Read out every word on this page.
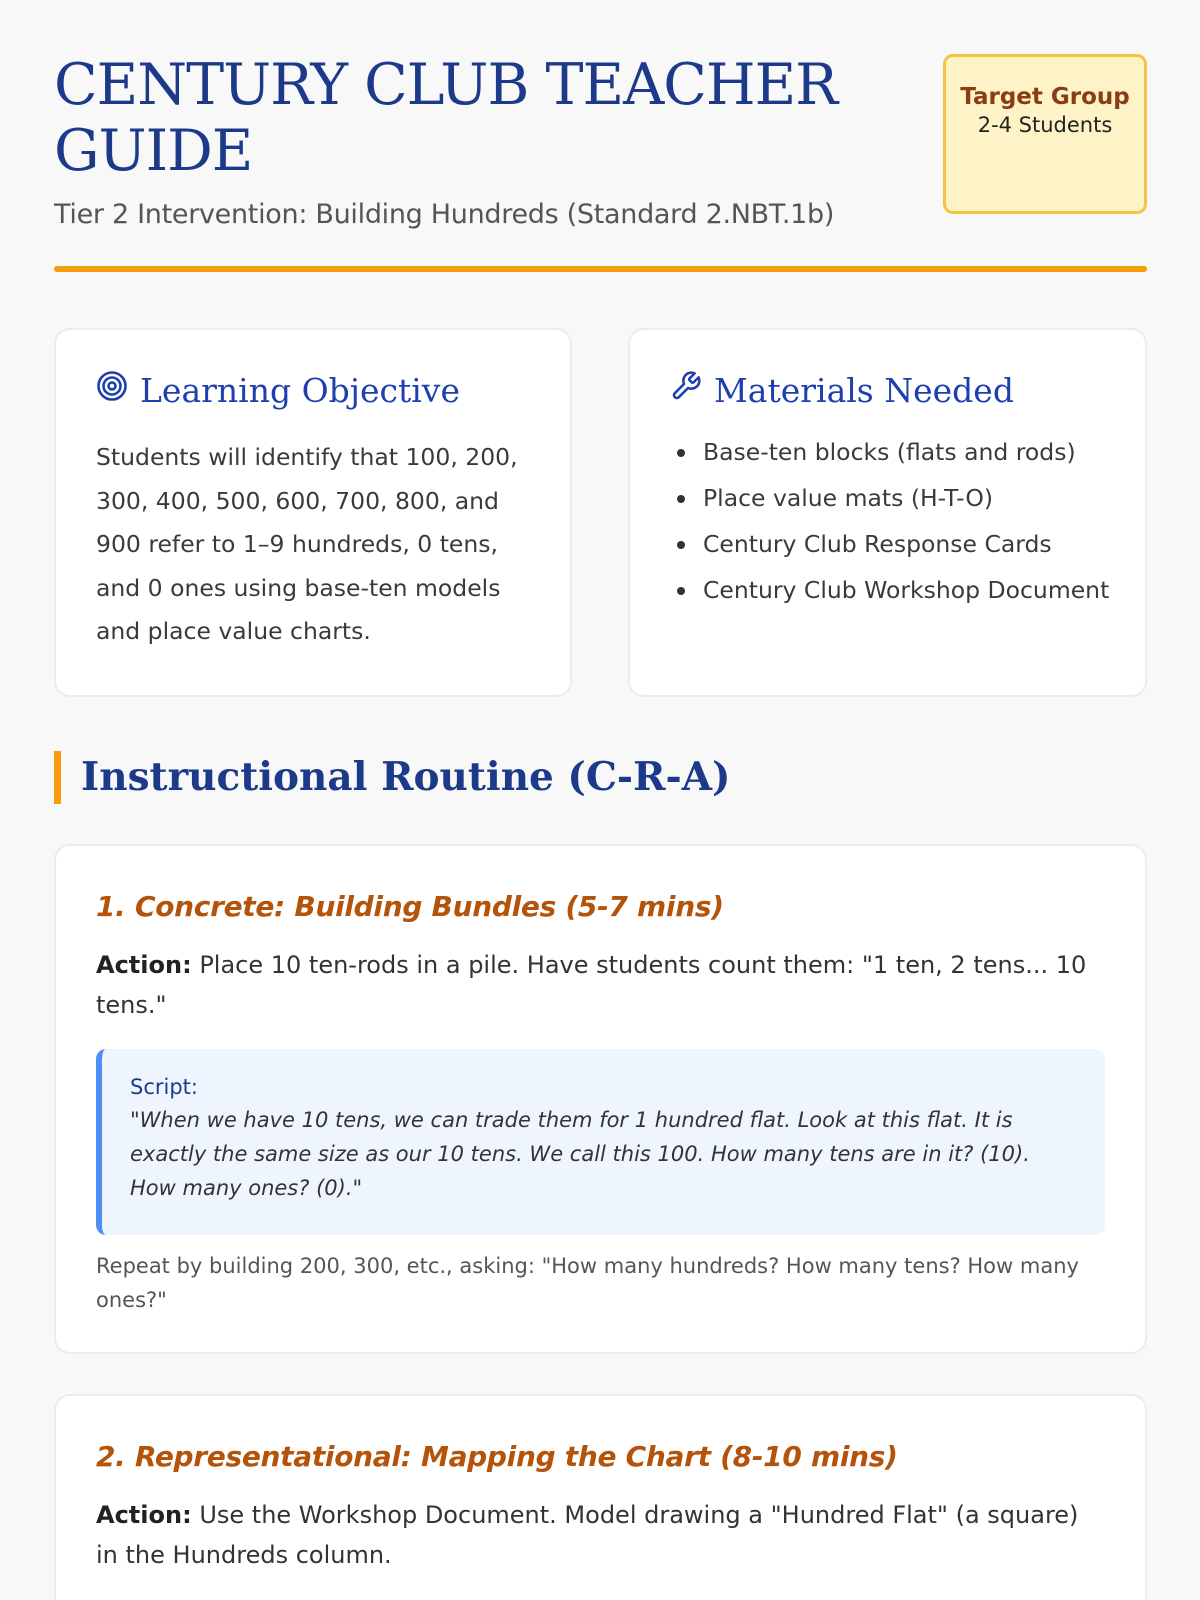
CENTURY CLUB TEACHER GUIDE
Tier 2 Intervention: Building Hundreds (Standard 2.NBT.1b)
Target Group
2-4 Students
Learning Objective

Students will identify that 100, 200, 300, 400, 500, 600, 700, 800, and 900 refer to 1–9 hundreds, 0 tens, and 0 ones using base-ten models and place value charts.

Materials Needed
Base-ten blocks (flats and rods)
Place value mats (H-T-O)
Century Club Response Cards
Century Club Workshop Document
Instructional Routine (C-R-A)
1. Concrete: Building Bundles (5-7 mins)

Action: Place 10 ten-rods in a pile. Have students count them: "1 ten, 2 tens... 10 tens."

Script:
"When we have 10 tens, we can trade them for 1 hundred flat. Look at this flat. It is exactly the same size as our 10 tens. We call this 100. How many tens are in it? (10). How many ones? (0)."

Repeat by building 200, 300, etc., asking: "How many hundreds? How many tens? How many ones?"

2. Representational: Mapping the Chart (8-10 mins)

Action: Use the Workshop Document. Model drawing a "Hundred Flat" (a square) in the Hundreds column.
